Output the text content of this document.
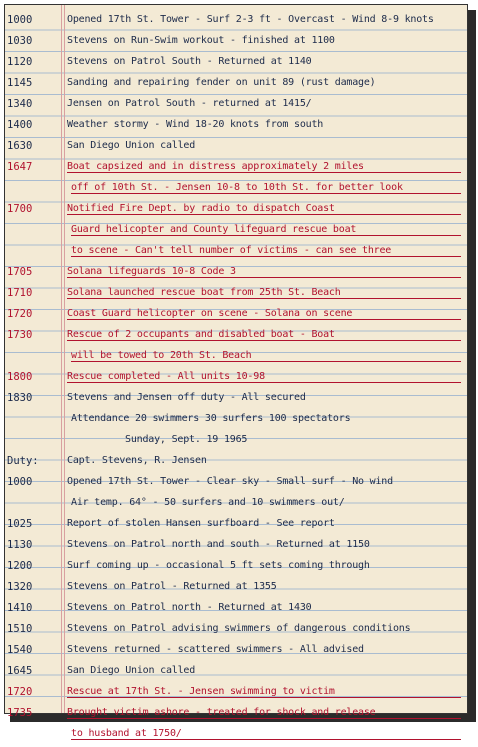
1000	Opened 17th St. Tower - Surf 2-3 ft - Overcast - Wind 8-9 knots
1030	Stevens on Run-Swim workout - finished at 1100
1120	Stevens on Patrol South - Returned at 1140
1145	Sanding and repairing fender on unit 89 (rust damage)
1340	Jensen on Patrol South - returned at 1415/
1400	Weather stormy - Wind 18-20 knots from south
1630	San Diego Union called
1647	Boat capsized and in distress approximately 2 miles
off of 10th St. - Jensen 10-8 to 10th St. for better look
1700	Notified Fire Dept. by radio to dispatch Coast
Guard helicopter and County lifeguard rescue boat
to scene - Can't tell number of victims - can see three
1705	Solana lifeguards 10-8 Code 3
1710	Solana launched rescue boat from 25th St. Beach
1720	Coast Guard helicopter on scene - Solana on scene
1730	Rescue of 2 occupants and disabled boat - Boat
will be towed to 20th St. Beach
1800	Rescue completed - All units 10-98
1830	Stevens and Jensen off duty - All secured
Attendance 20 swimmers 30 surfers 100 spectators
Sunday, Sept. 19 1965
Duty:	Capt. Stevens, R. Jensen
1000	Opened 17th St. Tower - Clear sky - Small surf - No wind
Air temp. 64° - 50 surfers and 10 swimmers out/
1025	Report of stolen Hansen surfboard - See report
1130	Stevens on Patrol north and south - Returned at 1150
1200	Surf coming up - occasional 5 ft sets coming through
1320	Stevens on Patrol - Returned at 1355
1410	Stevens on Patrol north - Returned at 1430
1510	Stevens on Patrol advising swimmers of dangerous conditions
1540	Stevens returned - scattered swimmers - All advised
1645	San Diego Union called
1720	Rescue at 17th St. - Jensen swimming to victim
1735	Brought victim ashore - treated for shock and release
to husband at 1750/
